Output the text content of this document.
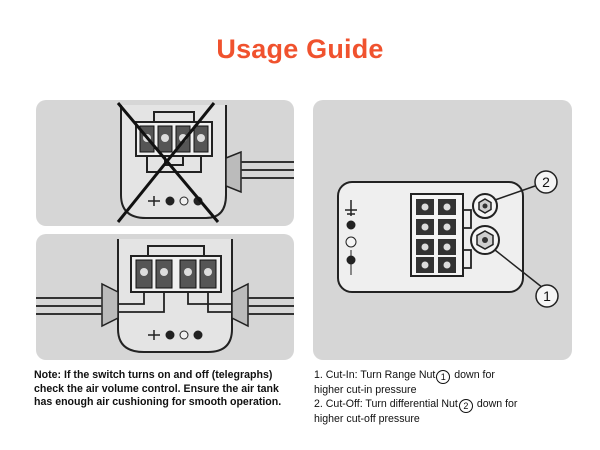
Usage Guide
2
1
Note: If the switch turns on and off (telegraphs)
check the air volume control. Ensure the air tank
has enough air cushioning for smooth operation.
1. Cut-In: Turn Range Nut 1 down for
higher cut-in pressure
2. Cut-Off: Turn differential Nut 2 down for
higher cut-off pressure
